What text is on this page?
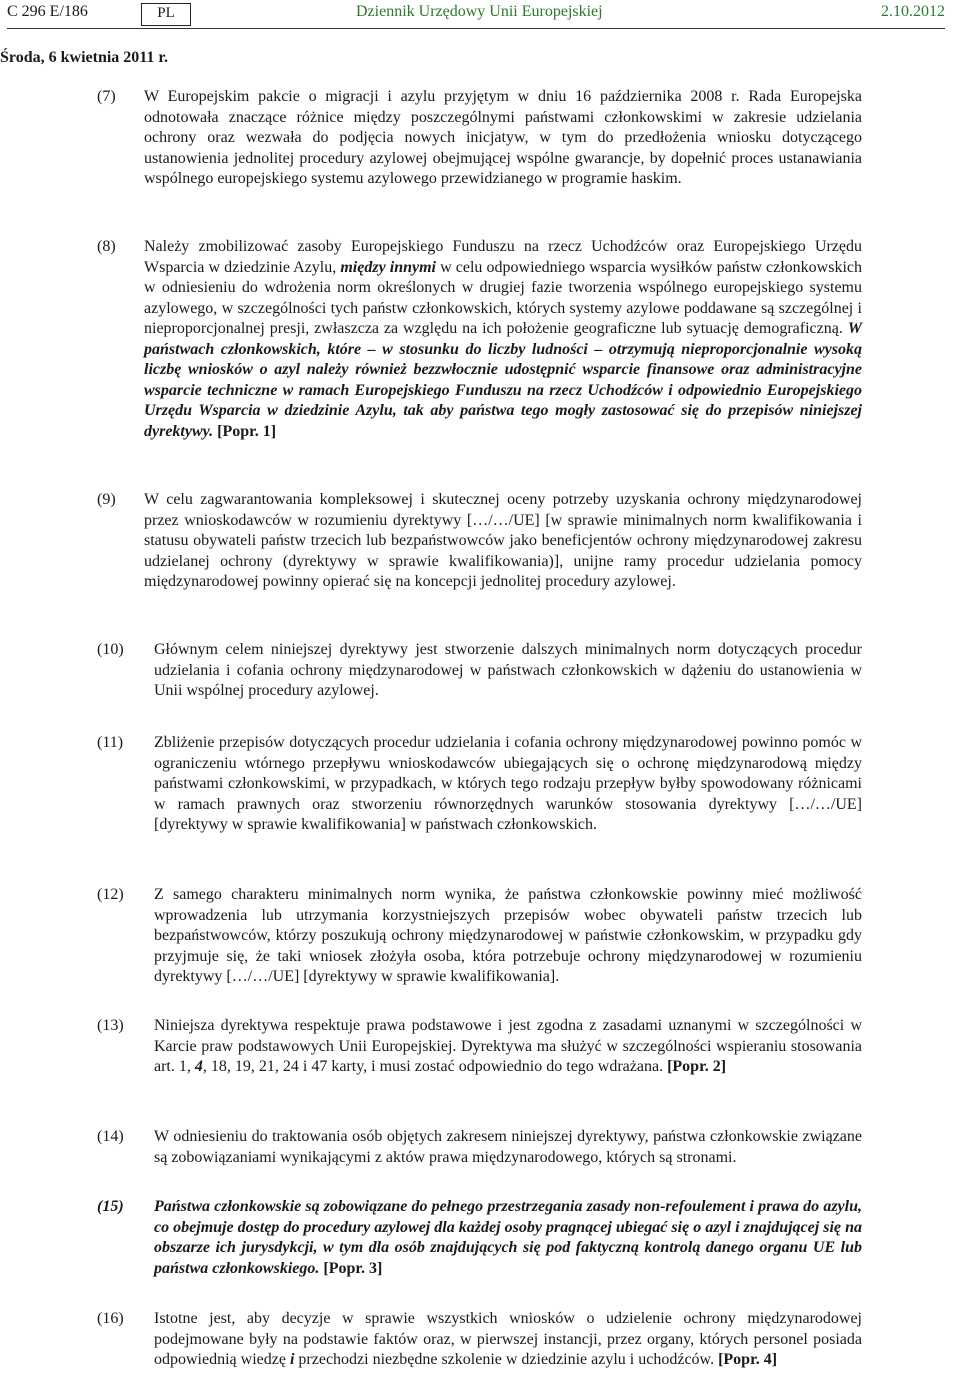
C 296 E/186	PL	Dziennik Urzędowy Unii Europejskiej	2.10.2012
Środa, 6 kwietnia 2011 r.
(7) W Europejskim pakcie o migracji i azylu przyjętym w dniu 16 października 2008 r. Rada Europejska odnotowała znaczące różnice między poszczególnymi państwami członkowskimi w zakresie udzielania ochrony oraz wezwała do podjęcia nowych inicjatyw, w tym do przedłożenia wniosku dotyczącego ustanowienia jednolitej procedury azylowej obejmującej wspólne gwarancje, by dopełnić proces ustanawiania wspólnego europejskiego systemu azylowego przewidzianego w programie haskim.
(8) Należy zmobilizować zasoby Europejskiego Funduszu na rzecz Uchodźców oraz Europejskiego Urzędu Wsparcia w dziedzinie Azylu, między innymi w celu odpowiedniego wsparcia wysiłków państw członkowskich w odniesieniu do wdrożenia norm określonych w drugiej fazie tworzenia wspólnego europejskiego systemu azylowego, w szczególności tych państw członkowskich, których systemy azylowe poddawane są szczególnej i nieproporcjonalnej presji, zwłaszcza za względu na ich położenie geograficzne lub sytuację demograficzną. W państwach członkowskich, które – w stosunku do liczby ludności – otrzymują nieproporcjonalnie wysoką liczbę wniosków o azyl należy również bezzwłocznie udostępnić wsparcie finansowe oraz administracyjne wsparcie techniczne w ramach Europejskiego Funduszu na rzecz Uchodźców i odpowiednio Europejskiego Urzędu Wsparcia w dziedzinie Azylu, tak aby państwa tego mogły zastosować się do przepisów niniejszej dyrektywy. [Popr. 1]
(9) W celu zagwarantowania kompleksowej i skutecznej oceny potrzeby uzyskania ochrony międzynarodowej przez wnioskodawców w rozumieniu dyrektywy […/…/UE] [w sprawie minimalnych norm kwalifikowania i statusu obywateli państw trzecich lub bezpaństwowców jako beneficjentów ochrony międzynarodowej zakresu udzielanej ochrony (dyrektywy w sprawie kwalifikowania)], unijne ramy procedur udzielania pomocy międzynarodowej powinny opierać się na koncepcji jednolitej procedury azylowej.
(10) Głównym celem niniejszej dyrektywy jest stworzenie dalszych minimalnych norm dotyczących procedur udzielania i cofania ochrony międzynarodowej w państwach członkowskich w dążeniu do ustanowienia w Unii wspólnej procedury azylowej.
(11) Zbliżenie przepisów dotyczących procedur udzielania i cofania ochrony międzynarodowej powinno pomóc w ograniczeniu wtórnego przepływu wnioskodawców ubiegających się o ochronę międzynarodową między państwami członkowskimi, w przypadkach, w których tego rodzaju przepływ byłby spowodowany różnicami w ramach prawnych oraz stworzeniu równorzędnych warunków stosowania dyrektywy […/…/UE] [dyrektywy w sprawie kwalifikowania] w państwach członkowskich.
(12) Z samego charakteru minimalnych norm wynika, że państwa członkowskie powinny mieć możliwość wprowadzenia lub utrzymania korzystniejszych przepisów wobec obywateli państw trzecich lub bezpaństwowców, którzy poszukują ochrony międzynarodowej w państwie członkowskim, w przypadku gdy przyjmuje się, że taki wniosek złożyła osoba, która potrzebuje ochrony międzynarodowej w rozumieniu dyrektywy […/…/UE] [dyrektywy w sprawie kwalifikowania].
(13) Niniejsza dyrektywa respektuje prawa podstawowe i jest zgodna z zasadami uznanymi w szczególności w Karcie praw podstawowych Unii Europejskiej. Dyrektywa ma służyć w szczególności wspieraniu stosowania art. 1, 4, 18, 19, 21, 24 i 47 karty, i musi zostać odpowiednio do tego wdrażana. [Popr. 2]
(14) W odniesieniu do traktowania osób objętych zakresem niniejszej dyrektywy, państwa członkowskie związane są zobowiązaniami wynikającymi z aktów prawa międzynarodowego, których są stronami.
(15) Państwa członkowskie są zobowiązane do pełnego przestrzegania zasady non-refoulement i prawa do azylu, co obejmuje dostęp do procedury azylowej dla każdej osoby pragnącej ubiegać się o azyl i znajdującej się na obszarze ich jurysdykcji, w tym dla osób znajdujących się pod faktyczną kontrolą danego organu UE lub państwa członkowskiego. [Popr. 3]
(16) Istotne jest, aby decyzje w sprawie wszystkich wniosków o udzielenie ochrony międzynarodowej podejmowane były na podstawie faktów oraz, w pierwszej instancji, przez organy, których personel posiada odpowiednią wiedzę i przechodzi niezbędne szkolenie w dziedzinie azylu i uchodźców. [Popr. 4]
